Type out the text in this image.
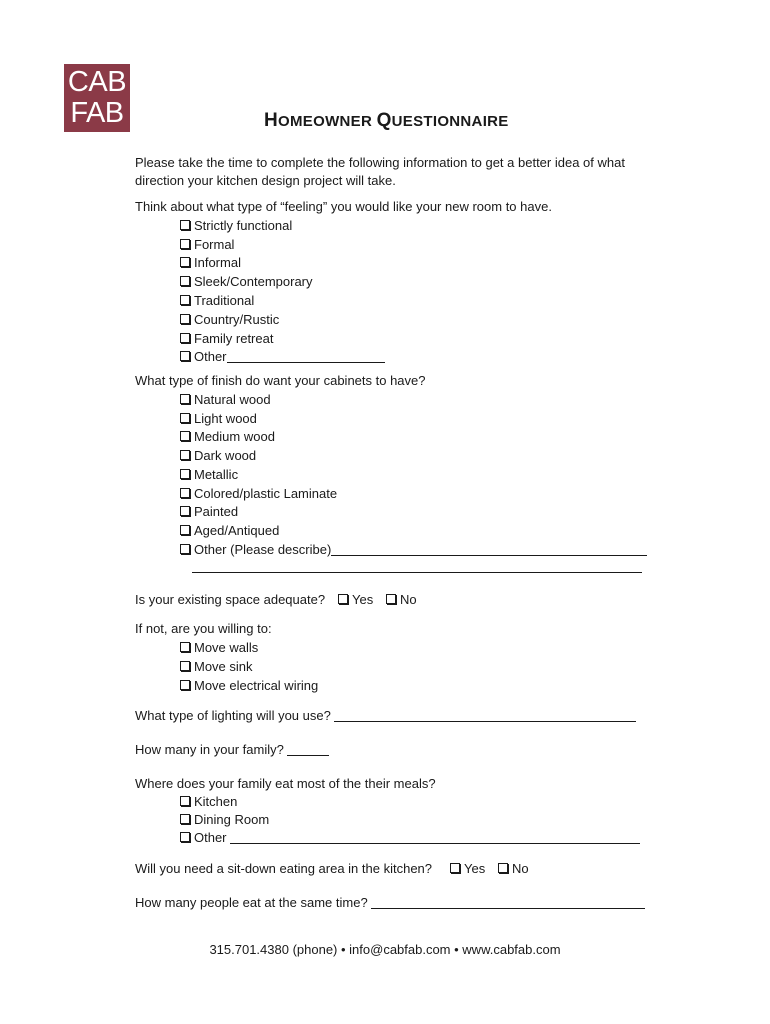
CAB
FAB	HOMEOWNER QUESTIONNAIRE
Please take the time to complete the following information to get a better idea of what
direction your kitchen design project will take.
Think about what type of “feeling” you would like your new room to have.
Strictly functional
Formal
Informal
Sleek/Contemporary
Traditional
Country/Rustic
Family retreat
Other
What type of finish do want your cabinets to have?
Natural wood
Light wood
Medium wood
Dark wood
Metallic
Colored/plastic Laminate
Painted
Aged/Antiqued
Other (Please describe)
Is your existing space adequate?	Yes	No
If not, are you willing to:
Move walls
Move sink
Move electrical wiring
What type of lighting will you use?
How many in your family?
Where does your family eat most of the their meals?
Kitchen
Dining Room
Other
Will you need a sit-down eating area in the kitchen?	Yes	No
How many people eat at the same time?
315.701.4380 (phone) • info@cabfab.com • www.cabfab.com
